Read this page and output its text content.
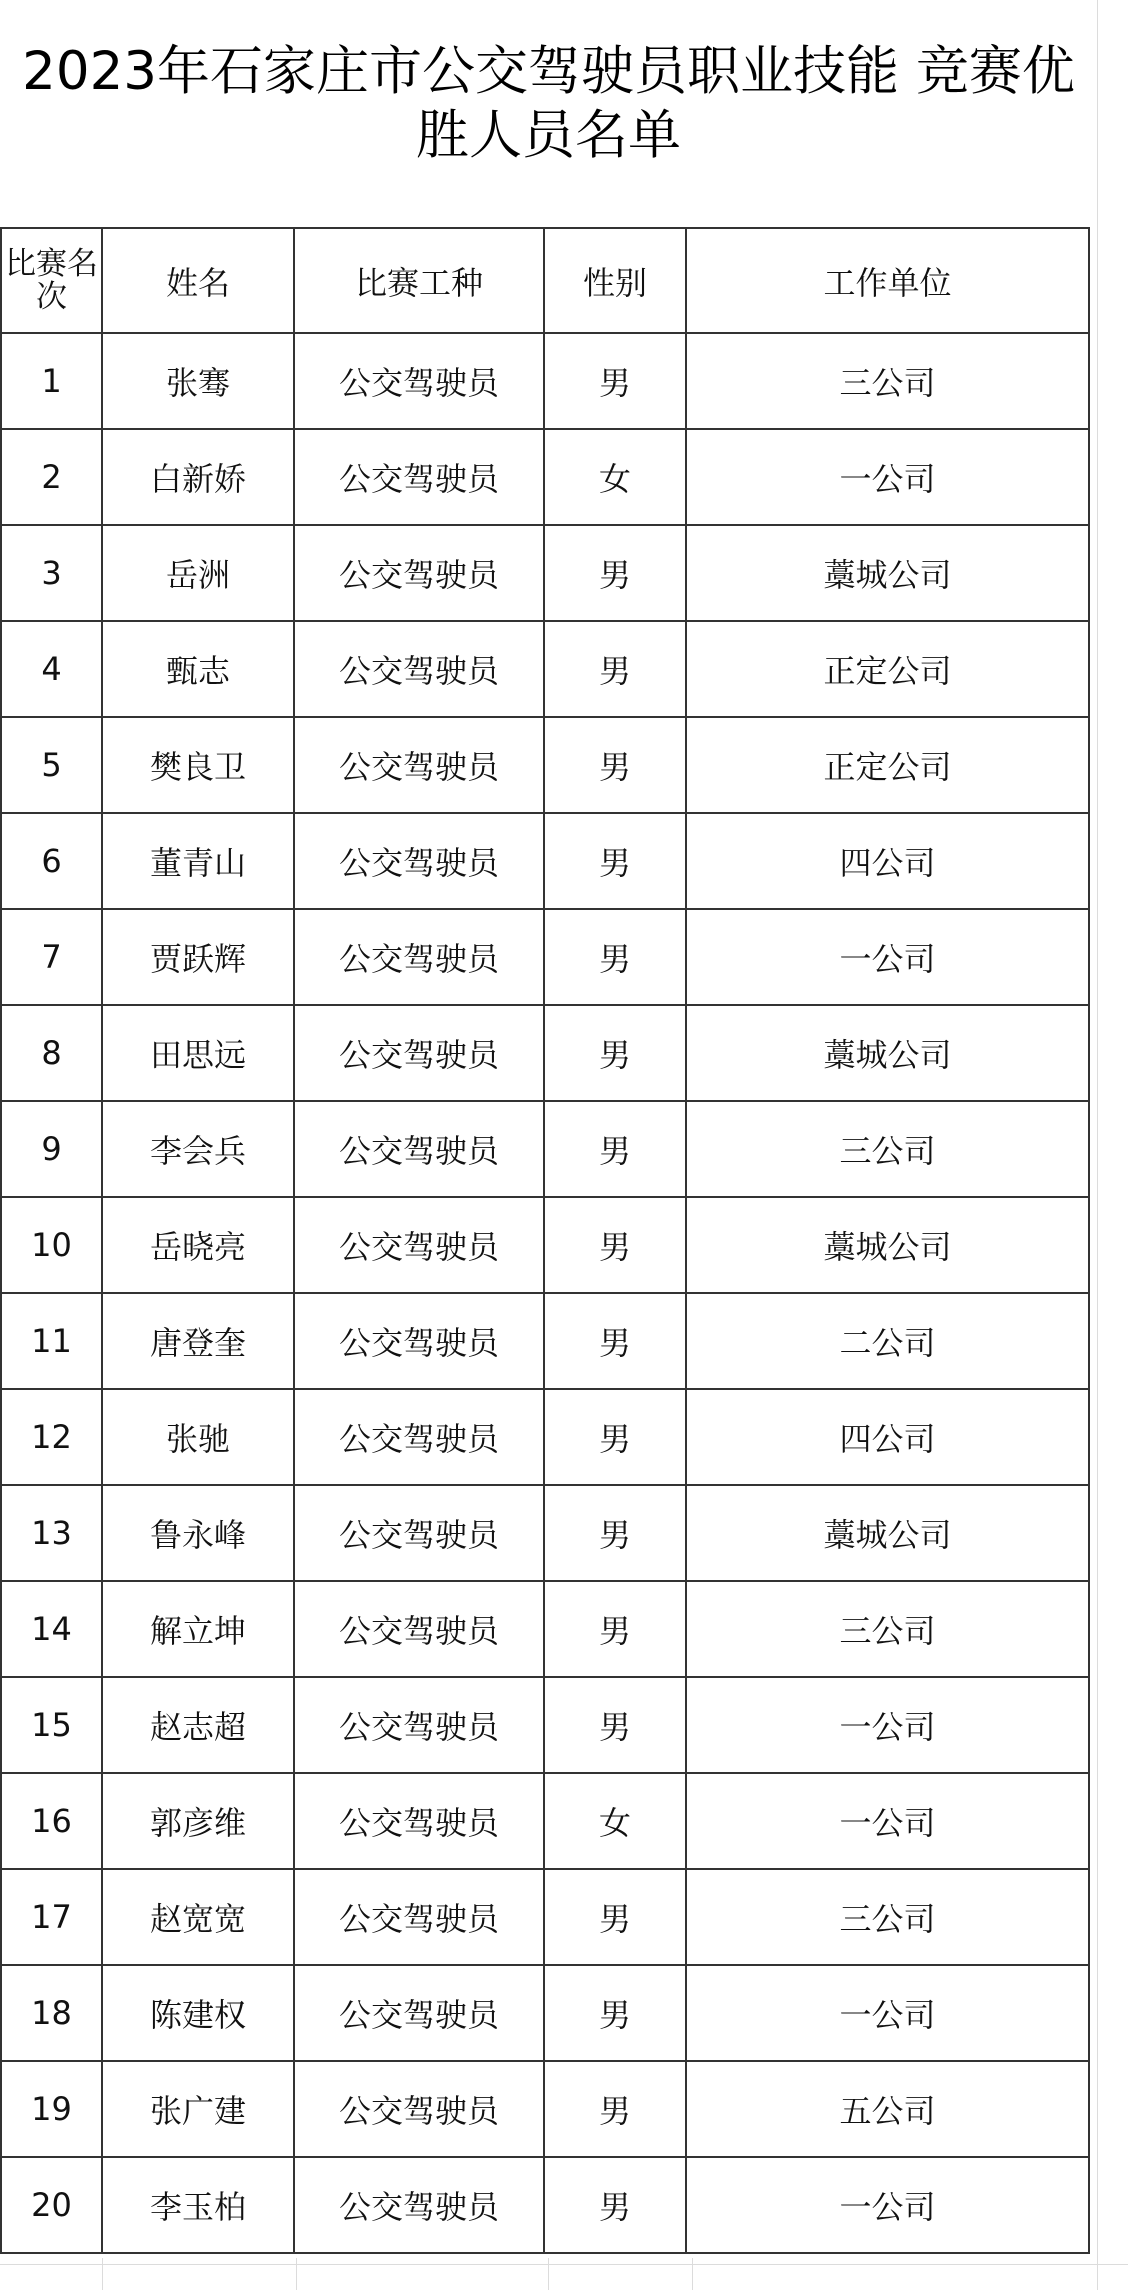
2023年石家庄市公交驾驶员职业技能 竞赛优胜人员名单
比赛名次	姓名	比赛工种	性别	工作单位
1	张骞	公交驾驶员	男	三公司
2	白新娇	公交驾驶员	女	一公司
3	岳洲	公交驾驶员	男	藁城公司
4	甄志	公交驾驶员	男	正定公司
5	樊良卫	公交驾驶员	男	正定公司
6	董青山	公交驾驶员	男	四公司
7	贾跃辉	公交驾驶员	男	一公司
8	田思远	公交驾驶员	男	藁城公司
9	李会兵	公交驾驶员	男	三公司
10	岳晓亮	公交驾驶员	男	藁城公司
11	唐登奎	公交驾驶员	男	二公司
12	张驰	公交驾驶员	男	四公司
13	鲁永峰	公交驾驶员	男	藁城公司
14	解立坤	公交驾驶员	男	三公司
15	赵志超	公交驾驶员	男	一公司
16	郭彦维	公交驾驶员	女	一公司
17	赵宽宽	公交驾驶员	男	三公司
18	陈建权	公交驾驶员	男	一公司
19	张广建	公交驾驶员	男	五公司
20	李玉柏	公交驾驶员	男	一公司
